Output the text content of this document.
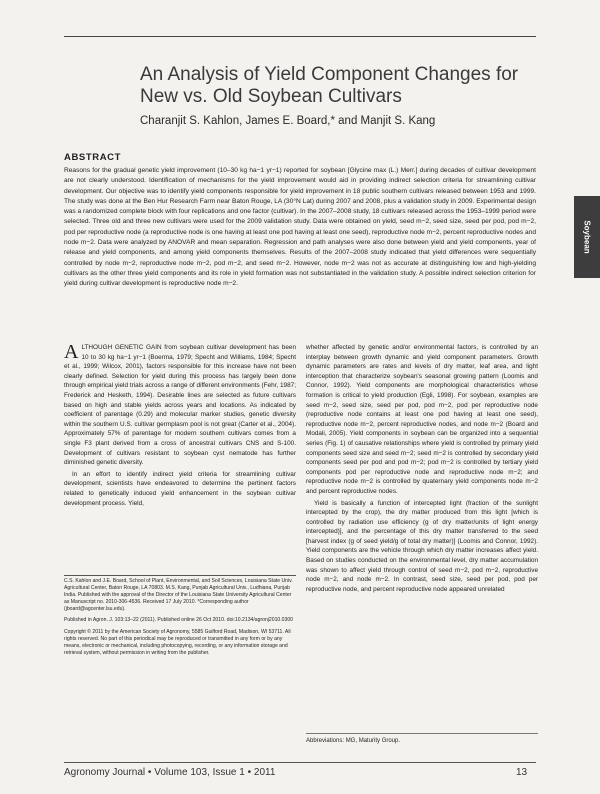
An Analysis of Yield Component Changes for New vs. Old Soybean Cultivars
Charanjit S. Kahlon, James E. Board,* and Manjit S. Kang
ABSTRACT

Reasons for the gradual genetic yield improvement (10–30 kg ha−1 yr−1) reported for soybean [Glycine max (L.) Merr.] during decades of cultivar development are not clearly understood. Identification of mechanisms for the yield improvement would aid in providing indirect selection criteria for streamlining cultivar development. Our objective was to identify yield components responsible for yield improvement in 18 public southern cultivars released between 1953 and 1999. The study was done at the Ben Hur Research Farm near Baton Rouge, LA (30°N Lat) during 2007 and 2008, plus a validation study in 2009. Experimental design was a randomized complete block with four replications and one factor (cultivar). In the 2007–2008 study, 18 cultivars released across the 1953–1999 period were selected. Three old and three new cultivars were used for the 2009 validation study. Data were obtained on yield, seed m−2, seed size, seed per pod, pod m−2, pod per reproductive node (a reproductive node is one having at least one pod having at least one seed), reproductive node m−2, percent reproductive nodes and node m−2. Data were analyzed by ANOVAR and mean separation. Regression and path analyses were also done between yield and yield components, year of release and yield components, and among yield components themselves. Results of the 2007–2008 study indicated that yield differences were sequentially controlled by node m−2, reproductive node m−2, pod m−2, and seed m−2. However, node m−2 was not as accurate at distinguishing low and high-yielding cultivars as the other three yield components and its role in yield formation was not substantiated in the validation study. A possible indirect selection criterion for yield during cultivar development is reproductive node m−2.

Soybean

ALTHOUGH GENETIC GAIN from soybean cultivar development has been 10 to 30 kg ha−1 yr−1 (Boerma, 1979; Specht and Williams, 1984; Specht et al., 1999; Wilcox, 2001), factors responsible for this increase have not been clearly defined. Selection for yield during this process has largely been done through empirical yield trials across a range of different environments (Fehr, 1987; Frederick and Hesketh, 1994). Desirable lines are selected as future cultivars based on high and stable yields across years and locations. As indicated by coefficient of parentage (0.29) and molecular marker studies, genetic diversity within the southern U.S. cultivar germplasm pool is not great (Carter et al., 2004). Approximately 57% of parentage for modern southern cultivars comes from a single F3 plant derived from a cross of ancestral cultivars CNS and S-100. Development of cultivars resistant to soybean cyst nematode has further diminished genetic diversity.

In an effort to identify indirect yield criteria for streamlining cultivar development, scientists have endeavored to determine the pertinent factors related to genetically induced yield enhancement in the soybean cultivar development process. Yield,

C.S. Kahlon and J.E. Board, School of Plant, Environmental, and Soil Sciences, Louisiana State Univ. Agricultural Center, Baton Rouge, LA 70803. M.S. Kang, Punjab Agricultural Univ., Ludhiana, Punjab India. Published with the approval of the Director of the Louisiana State University Agricultural Center as Manuscript no. 2010-306-4536. Received 17 July 2010. *Corresponding author (jboard@agcenter.lsu.edu).

Published in Agron. J. 103:13–22 (2011). Published online 26 Oct 2010. doi:10.2134/agronj2010.0300

Copyright © 2011 by the American Society of Agronomy, 5585 Guilford Road, Madison, WI 53711. All rights reserved. No part of this periodical may be reproduced or transmitted in any form or by any means, electronic or mechanical, including photocopying, recording, or any information storage and retrieval system, without permission in writing from the publisher.

whether affected by genetic and/or environmental factors, is controlled by an interplay between growth dynamic and yield component parameters. Growth dynamic parameters are rates and levels of dry matter, leaf area, and light interception that characterize soybean's seasonal growing pattern (Loomis and Connor, 1992). Yield components are morphological characteristics whose formation is critical to yield production (Egli, 1998). For soybean, examples are seed m−2, seed size, seed per pod, pod m−2, pod per reproductive node (reproductive node contains at least one pod having at least one seed), reproductive node m−2, percent reproductive nodes, and node m−2 (Board and Modali, 2005). Yield components in soybean can be organized into a sequential series (Fig. 1) of causative relationships where yield is controlled by primary yield components seed size and seed m−2; seed m−2 is controlled by secondary yield components seed per pod and pod m−2; pod m−2 is controlled by tertiary yield components pod per reproductive node and reproductive node m−2; and reproductive node m−2 is controlled by quaternary yield components node m−2 and percent reproductive nodes.

Yield is basically a function of intercepted light (fraction of the sunlight intercepted by the crop), the dry matter produced from this light [which is controlled by radiation use efficiency (g of dry matter/units of light energy intercepted)], and the percentage of this dry matter transferred to the seed [harvest index (g of seed yield/g of total dry matter)] (Loomis and Connor, 1992). Yield components are the vehicle through which dry matter increases affect yield. Based on studies conducted on the environmental level, dry matter accumulation was shown to affect yield through control of seed m−2, pod m−2, reproductive node m−2, and node m−2. In contrast, seed size, seed per pod, pod per reproductive node, and percent reproductive node appeared unrelated

Abbreviations: MG, Maturity Group.
Agronomy Journal • Volume 103, Issue 1 • 2011	13
